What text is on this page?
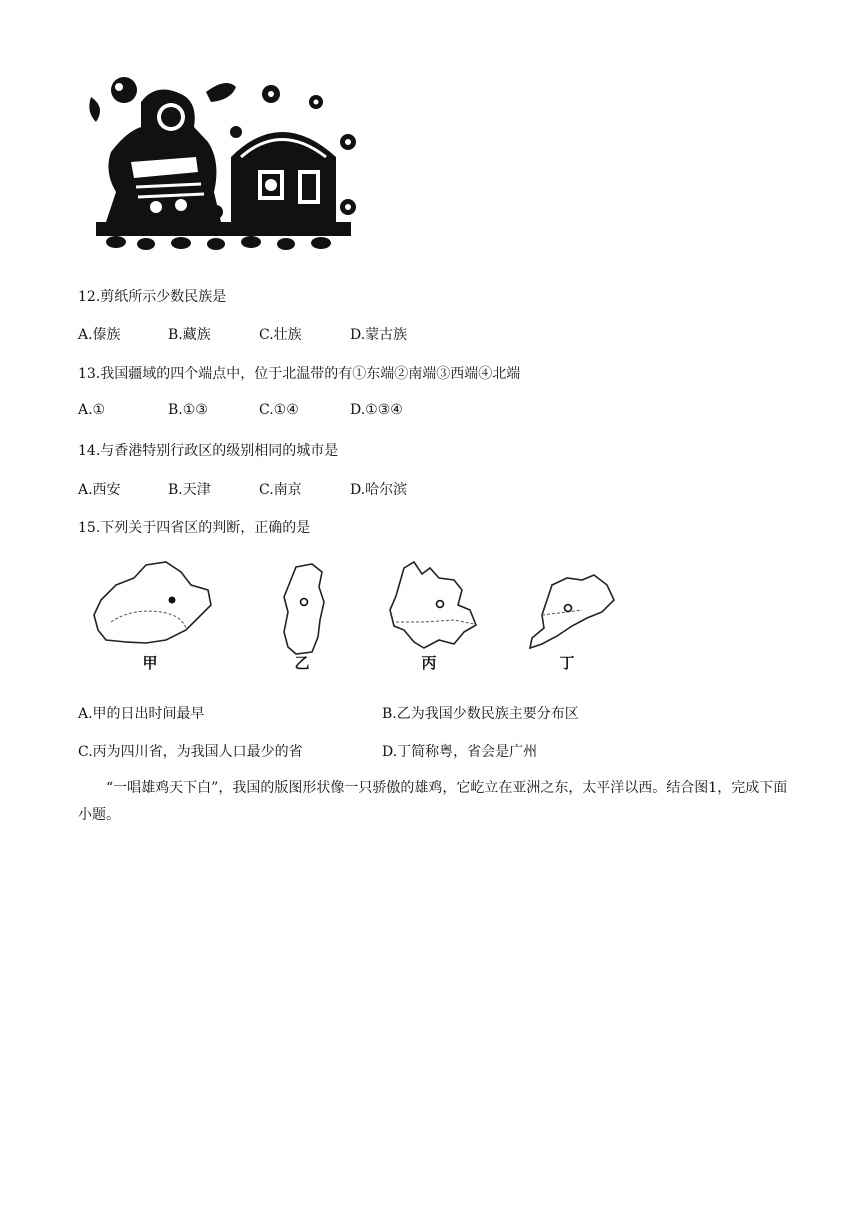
12.剪纸所示少数民族是
A.傣族	B.藏族	C.壮族	D.蒙古族
13.我国疆域的四个端点中，位于北温带的有①东端②南端③西端④北端
A.①	B.①③	C.①④	D.①③④
14.与香港特别行政区的级别相同的城市是
A.西安	B.天津	C.南京	D.哈尔滨
15.下列关于四省区的判断，正确的是
甲	乙	丙	丁
A.甲的日出时间最早	B.乙为我国少数民族主要分布区
C.丙为四川省，为我国人口最少的省	D.丁简称粤，省会是广州
“一唱雄鸡天下白”，我国的版图形状像一只骄傲的雄鸡，它屹立在亚洲之东，太平洋以西。结合图1，完成下面小题。
